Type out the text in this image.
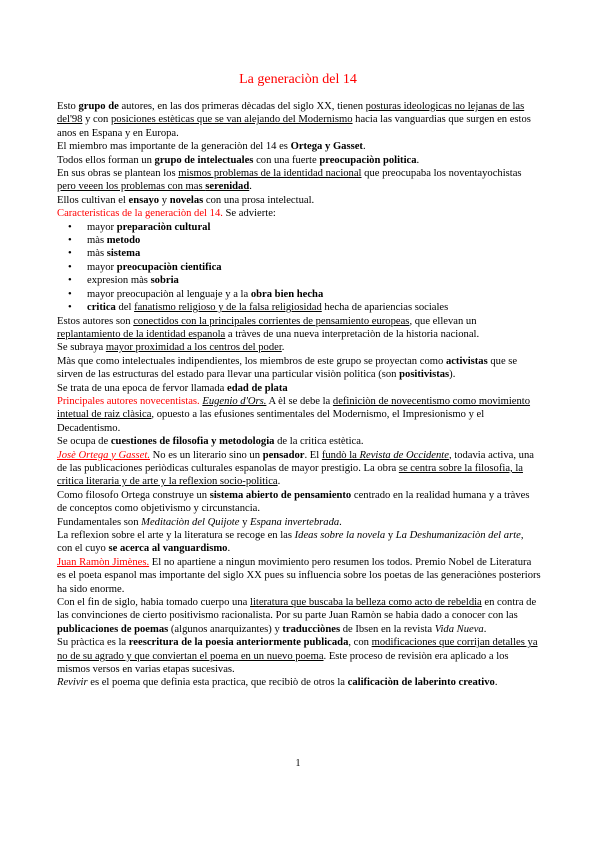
La generaciòn del 14

Esto grupo de autores, en las dos primeras dècadas del siglo XX, tienen posturas ideologicas no lejanas de las del'98 y con posiciones estèticas que se van alejando del Modernismo hacia las vanguardias que surgen en estos anos en Espana y en Europa.

El miembro mas importante de la generaciòn del 14 es Ortega y Gasset.

Todos ellos forman un grupo de intelectuales con una fuerte preocupaciòn politica.

En sus obras se plantean los mismos problemas de la identidad nacional que preocupaba los noventayochistas pero veeen los problemas con mas serenidad.

Ellos cultivan el ensayo y novelas con una prosa intelectual.

Caracteristicas de la generaciòn del 14. Se advierte:

• mayor preparaciòn cultural
• màs metodo
• màs sistema
• mayor preocupaciòn cientifica
• expresion màs sobria
• mayor preocupaciòn al lenguaje y a la obra bien hecha
• critica del fanatismo religioso y de la falsa religiosidad hecha de apariencias sociales

Estos autores son conectidos con la principales corrientes de pensamiento europeas, que ellevan un replantamiento de la identidad espanola a tràves de una nueva interpretaciòn de la historia nacional.

Se subraya mayor proximidad a los centros del poder.

Màs que como intelectuales indipendientes, los miembros de este grupo se proyectan como activistas que se sirven de las estructuras del estado para llevar una particular visiòn politica (son positivistas).

Se trata de una epoca de fervor llamada edad de plata

Principales autores novecentistas. Eugenio d'Ors. A èl se debe la definiciòn de novecentismo como movimiento intetual de raiz clàsica, opuesto a las efusiones sentimentales del Modernismo, el Impresionismo y el Decadentismo.

Se ocupa de cuestiones de filosofia y metodologia de la critica estètica.

Josè Ortega y Gasset. No es un literario sino un pensador. El fundò la Revista de Occidente, todavia activa, una de las publicaciones periòdicas culturales espanolas de mayor prestigio. La obra se centra sobre la filosofia, la critica literaria y de arte y la reflexion socio-politica.

Como filosofo Ortega construye un sistema abierto de pensamiento centrado en la realidad humana y a tràves de conceptos como objetivismo y circunstancia.

Fundamentales son Meditaciòn del Quijote y Espana invertebrada.

La reflexion sobre el arte y la literatura se recoge en las Ideas sobre la novela y La Deshumanizaciòn del arte, con el cuyo se acerca al vanguardismo.

Juan Ramòn Jimènes. El no apartiene a ningun movimiento pero resumen los todos. Premio Nobel de Literatura es el poeta espanol mas importante del siglo XX pues su influencia sobre los poetas de las generaciònes posteriors ha sido enorme.

Con el fin de siglo, habia tomado cuerpo una literatura que buscaba la belleza como acto de rebeldia en contra de las convinciones de cierto positivismo racionalista. Por su parte Juan Ramòn se habia dado a conocer con las publicaciones de poemas (algunos anarquizantes) y traducciònes de Ibsen en la revista Vida Nueva.

Su pràctica es la reescritura de la poesia anteriormente publicada, con modificaciones que corrijan detalles ya no de su agrado y que conviertan el poema en un nuevo poema. Este proceso de revisiòn era aplicado a los mismos versos en varias etapas sucesivas.

Revivir es el poema que definia esta practica, que recibiò de otros la calificaciòn de laberinto creativo.

1
